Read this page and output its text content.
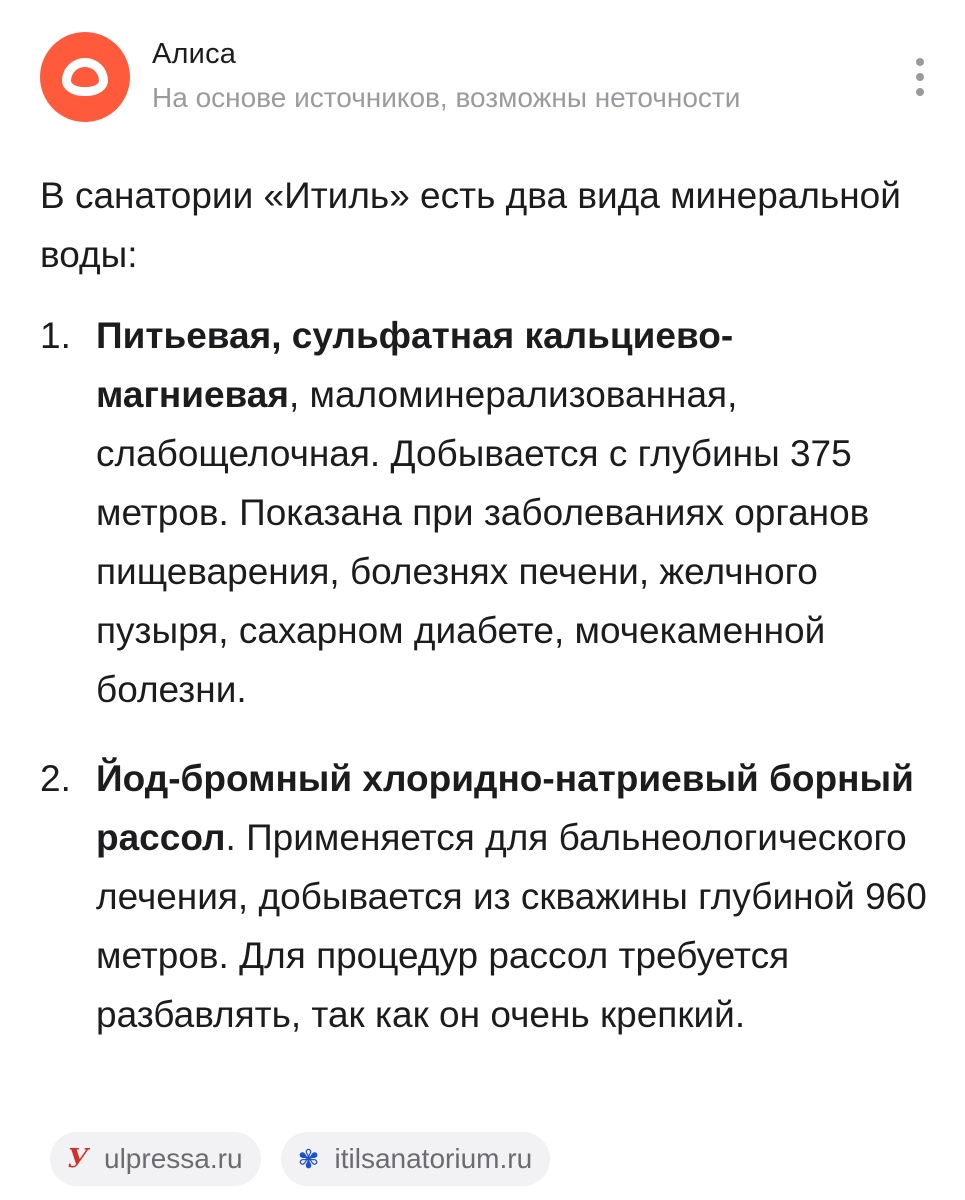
Алиса
На основе источников, возможны неточности
В санатории «Итиль» есть два вида минеральной воды:
1. Питьевая, сульфатная кальциево-магниевая, маломинерализованная, слабощелочная. Добывается с глубины 375 метров. Показана при заболеваниях органов пищеварения, болезнях печени, желчного пузыря, сахарном диабете, мочекаменной болезни.
2. Йод-бромный хлоридно-натриевый борный рассол. Применяется для бальнеологического лечения, добывается из скважины глубиной 960 метров. Для процедур рассол требуется разбавлять, так как он очень крепкий.
У ulpressa.ru ✾ itilsanatorium.ru
